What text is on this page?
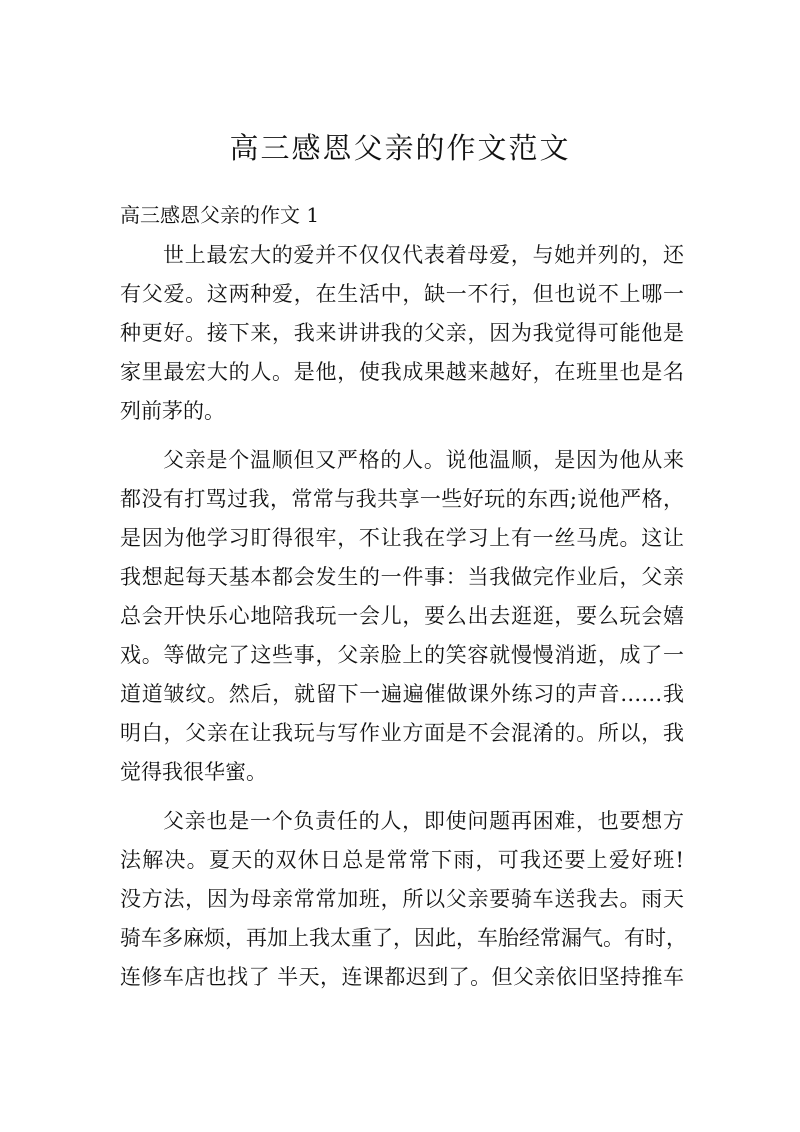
高三感恩父亲的作文范文
高三感恩父亲的作文 1
世上最宏大的爱并不仅仅代表着母爱，与她并列的，还
有父爱。这两种爱，在生活中，缺一不行，但也说不上哪一
种更好。接下来，我来讲讲我的父亲，因为我觉得可能他是
家里最宏大的人。是他，使我成果越来越好，在班里也是名
列前茅的。
父亲是个温顺但又严格的人。说他温顺，是因为他从来
都没有打骂过我，常常与我共享一些好玩的东西;说他严格，
是因为他学习盯得很牢，不让我在学习上有一丝马虎。这让
我想起每天基本都会发生的一件事：当我做完作业后，父亲
总会开快乐心地陪我玩一会儿，要么出去逛逛，要么玩会嬉
戏。等做完了这些事，父亲脸上的笑容就慢慢消逝，成了一
道道皱纹。然后，就留下一遍遍催做课外练习的声音……我
明白，父亲在让我玩与写作业方面是不会混淆的。所以，我
觉得我很华蜜。
父亲也是一个负责任的人，即使问题再困难，也要想方
法解决。夏天的双休日总是常常下雨，可我还要上爱好班!
没方法，因为母亲常常加班，所以父亲要骑车送我去。雨天
骑车多麻烦，再加上我太重了，因此，车胎经常漏气。有时，
连修车店也找了 半天，连课都迟到了。但父亲依旧坚持推车
